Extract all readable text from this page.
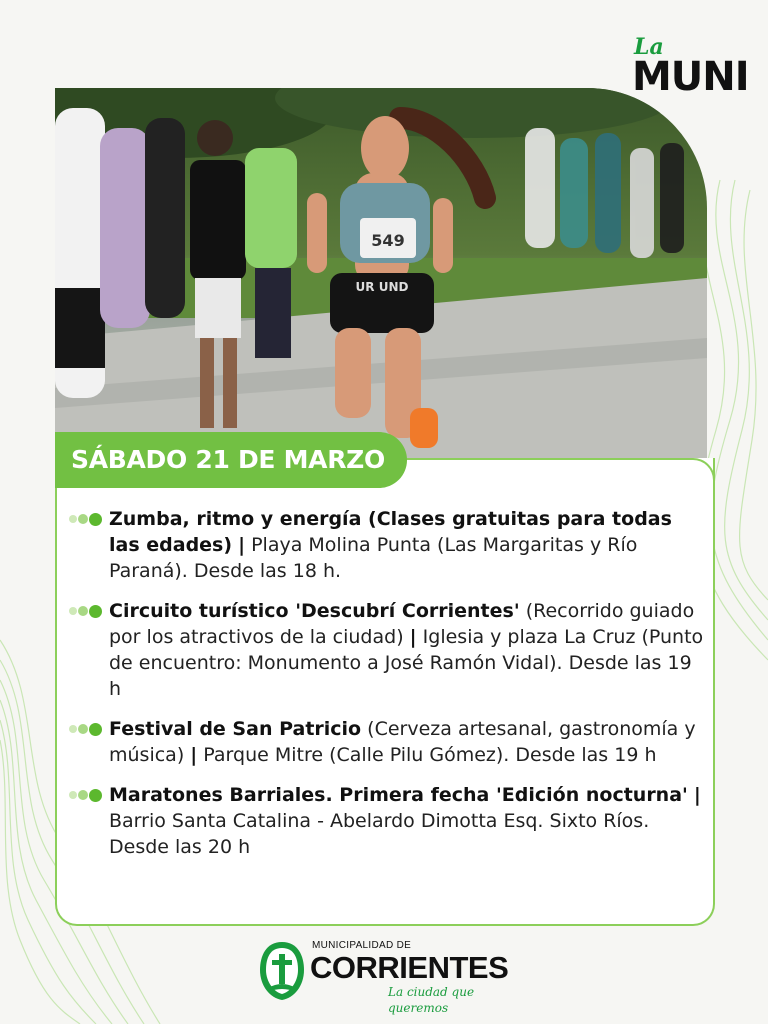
La
MUNI
549
UR UND
Zumba, ritmo y energía (Clases gratuitas para todas las edades) | Playa Molina Punta (Las Margaritas y Río Paraná). Desde las 18 h.
Circuito turístico 'Descubrí Corrientes' (Recorrido guiado por los atractivos de la ciudad) | Iglesia y plaza La Cruz (Punto de encuentro: Monumento a José Ramón Vidal). Desde las 19 h
Festival de San Patricio (Cerveza artesanal, gastronomía y música) | Parque Mitre (Calle Pilu Gómez). Desde las 19 h
Maratones Barriales. Primera fecha 'Edición nocturna' | Barrio Santa Catalina - Abelardo Dimotta Esq. Sixto Ríos. Desde las 20 h
SÁBADO 21 DE MARZO
MUNICIPALIDAD DE
CORRIENTES
La ciudad que queremos
